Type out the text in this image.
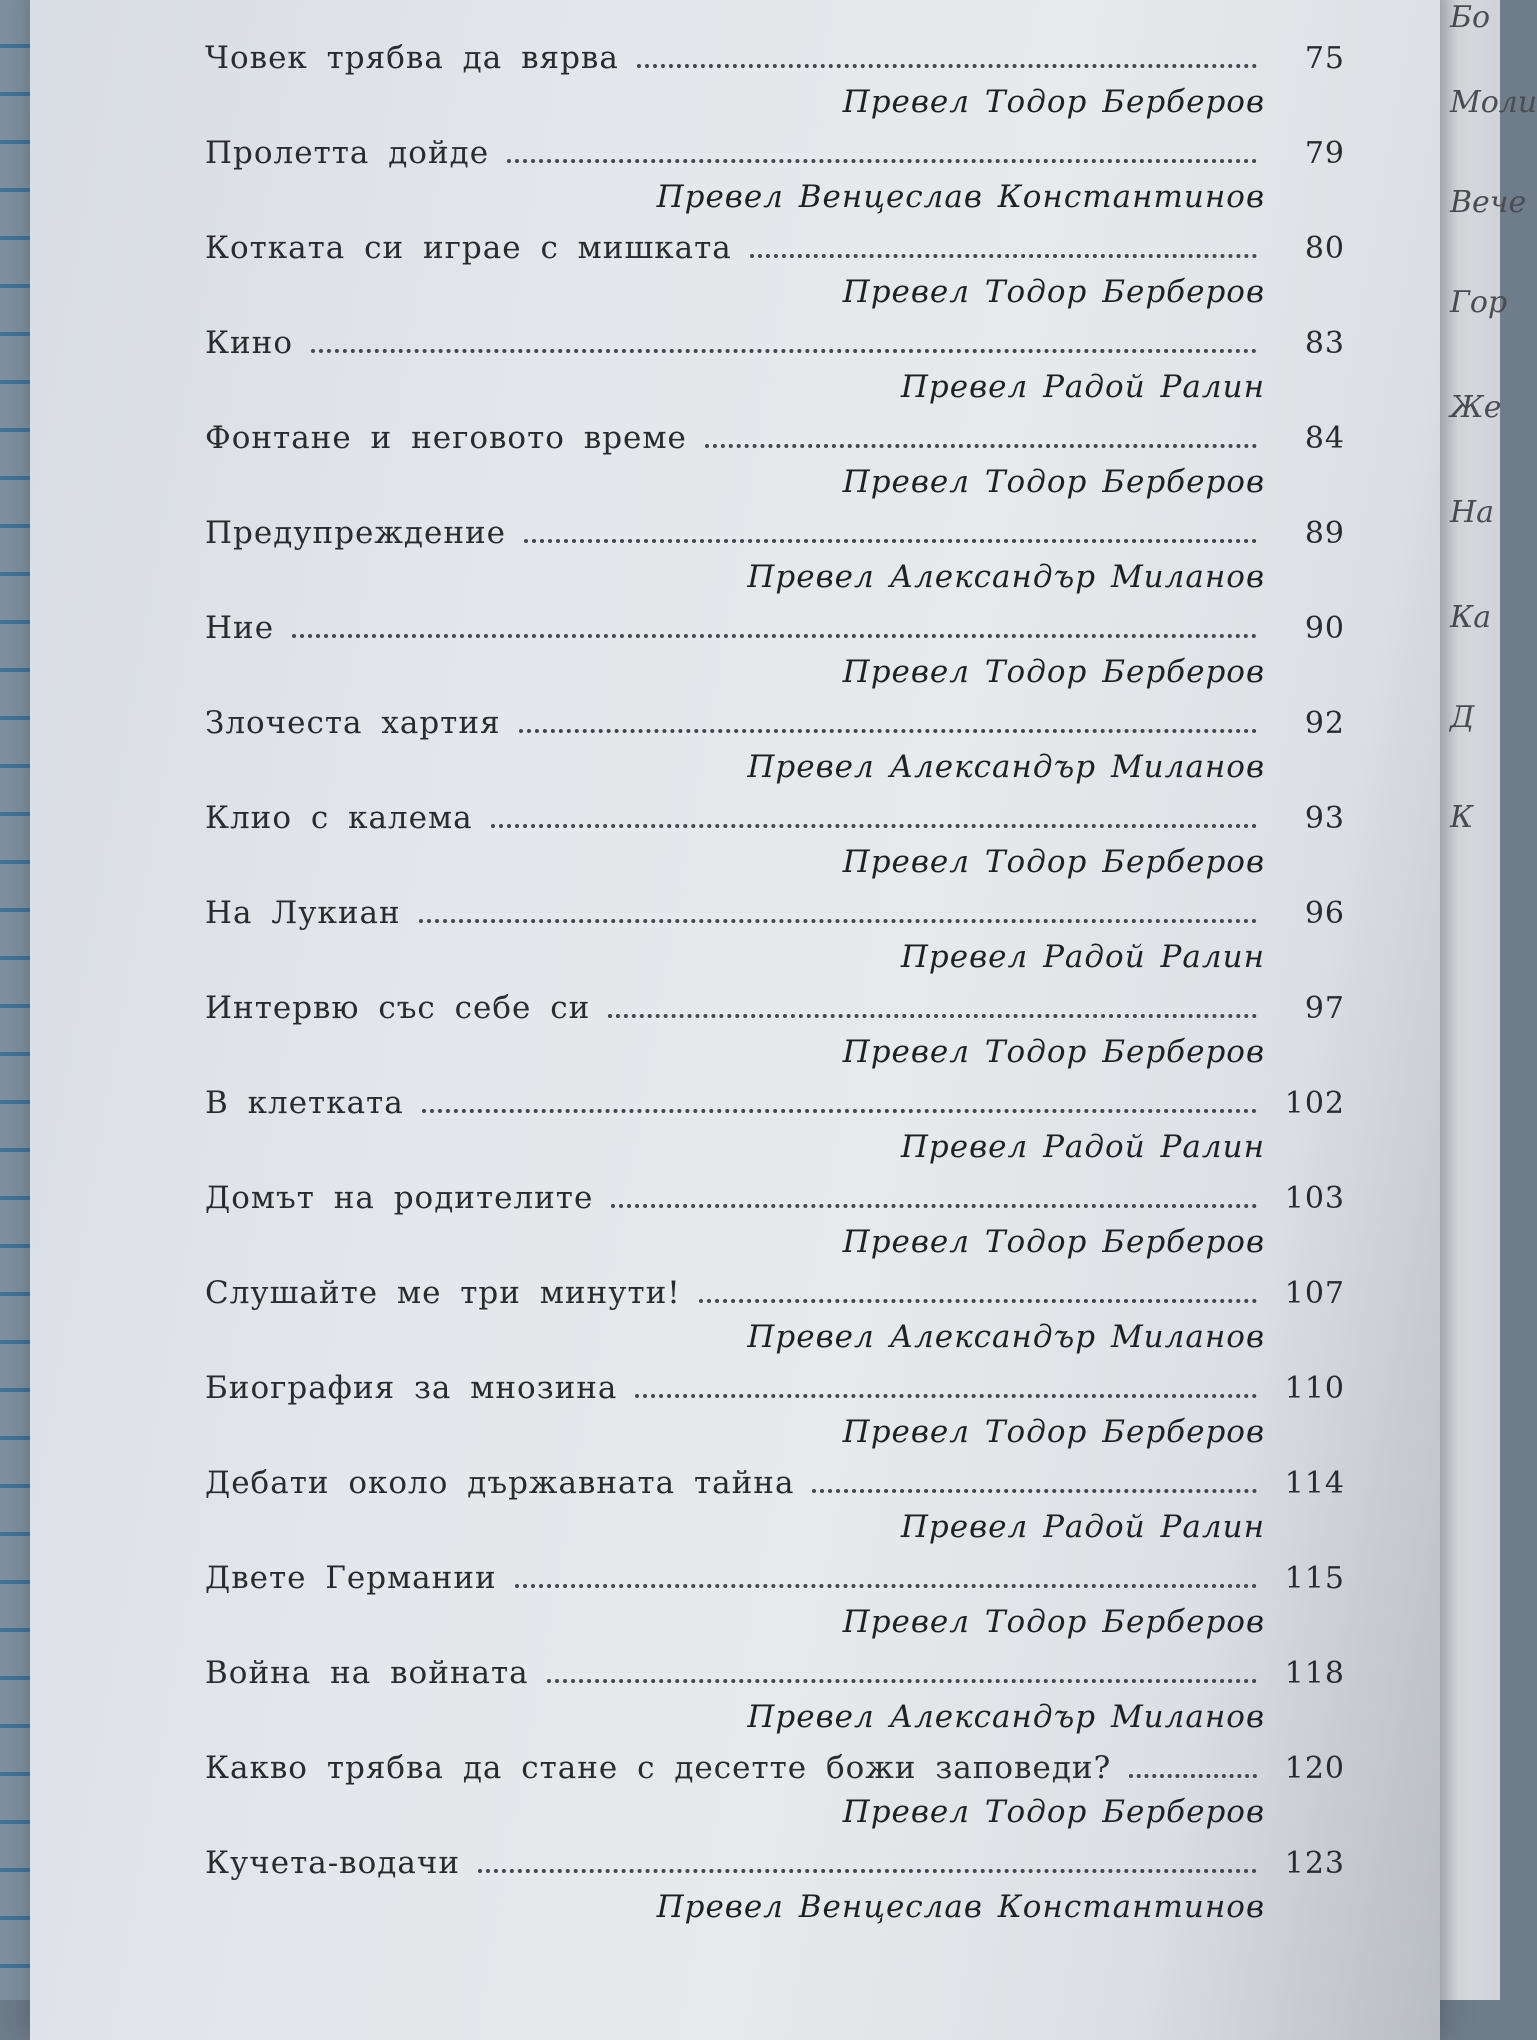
Бо
Моли
Вече
Гор
Же
На
Ка
Д
К
Човек трябва да вярва	75
Превел Тодор Берберов
Пролетта дойде	79
Превел Венцеслав Константинов
Котката си играе с мишката	80
Превел Тодор Берберов
Кино	83
Превел Радой Ралин
Фонтане и неговото време	84
Превел Тодор Берберов
Предупреждение	89
Превел Александър Миланов
Ние	90
Превел Тодор Берберов
Злочеста хартия	92
Превел Александър Миланов
Клио с калема	93
Превел Тодор Берберов
На Лукиан	96
Превел Радой Ралин
Интервю със себе си	97
Превел Тодор Берберов
В клетката	102
Превел Радой Ралин
Домът на родителите	103
Превел Тодор Берберов
Слушайте ме три минути!	107
Превел Александър Миланов
Биография за мнозина	110
Превел Тодор Берберов
Дебати около държавната тайна	114
Превел Радой Ралин
Двете Германии	115
Превел Тодор Берберов
Война на войната	118
Превел Александър Миланов
Какво трябва да стане с десетте божи заповеди?	120
Превел Тодор Берберов
Кучета-водачи	123
Превел Венцеслав Константинов
